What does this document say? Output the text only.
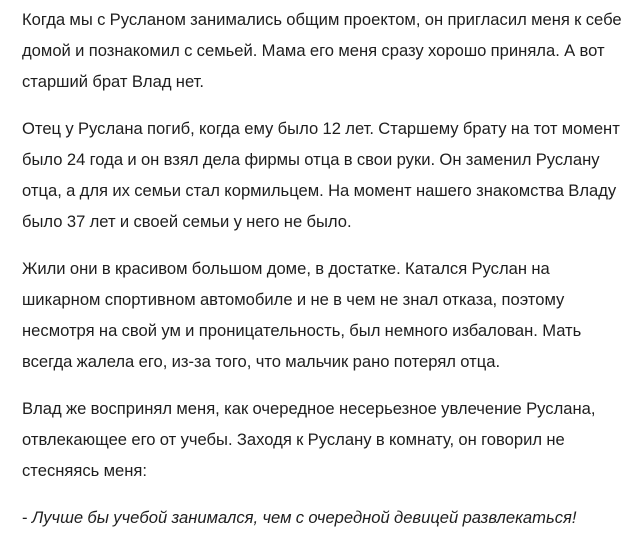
Когда мы с Русланом занимались общим проектом, он пригласил меня к себе домой и познакомил с семьей. Мама его меня сразу хорошо приняла. А вот старший брат Влад нет.

Отец у Руслана погиб, когда ему было 12 лет. Старшему брату на тот момент было 24 года и он взял дела фирмы отца в свои руки. Он заменил Руслану отца, а для их семьи стал кормильцем. На момент нашего знакомства Владу было 37 лет и своей семьи у него не было.

Жили они в красивом большом доме, в достатке. Катался Руслан на шикарном спортивном автомобиле и не в чем не знал отказа, поэтому несмотря на свой ум и проницательность, был немного избалован. Мать всегда жалела его, из-за того, что мальчик рано потерял отца.

Влад же воспринял меня, как очередное несерьезное увлечение Руслана, отвлекающее его от учебы. Заходя к Руслану в комнату, он говорил не стесняясь меня:

- Лучше бы учебой занимался, чем с очередной девицей развлекаться!
